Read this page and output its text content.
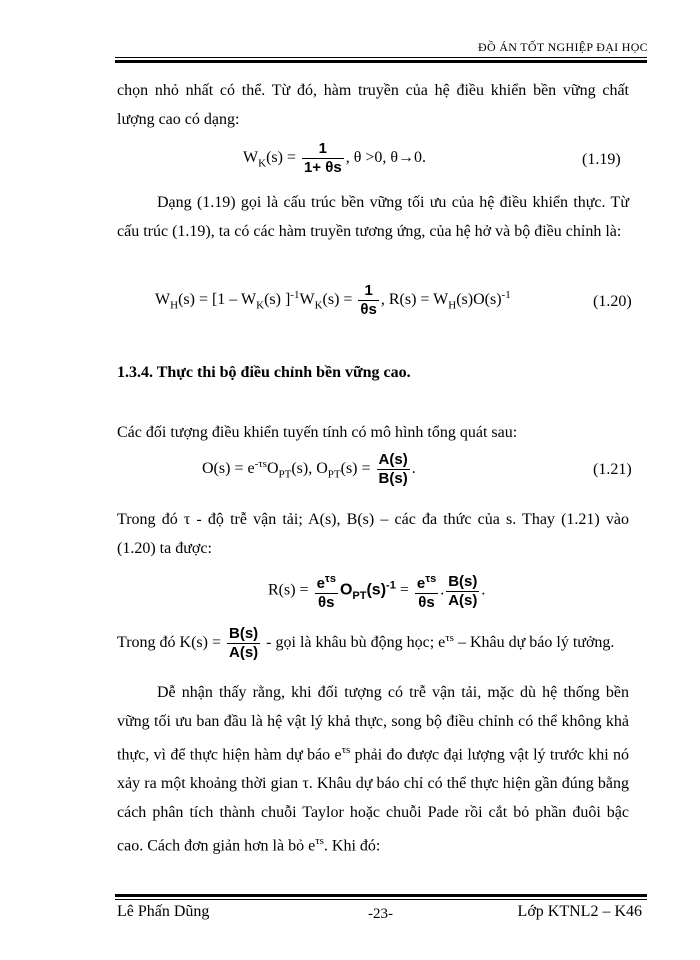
ĐỒ ÁN TỐT NGHIỆP ĐẠI HỌC

chọn nhỏ nhất có thể. Từ đó, hàm truyền của hệ điều khiển bền vững chất lượng cao có dạng:

$W_K(s) = \frac{1}{1+ \theta s}$ , θ >0, θ→0.	(1.19)

Dạng (1.19) gọi là cấu trúc bền vững tối ưu của hệ điều khiển thực. Từ cấu trúc (1.19), ta có các hàm truyền tương ứng, của hệ hở và bộ điều chỉnh là:

$W_H(s) = [1 - W_K(s) ]^{-1}W_K(s) = \frac{1}{\theta s}$ , $R(s) = W_H(s)O(s)^{-1}$	(1.20)
1.3.4. Thực thi bộ điều chỉnh bền vững cao.

Các đối tượng điều khiển tuyến tính có mô hình tổng quát sau:

$O(s) = e^{-\tau s}O_{PT}(s)$, $O_{PT}(s) = \frac{A(s)}{B(s)}$ .	(1.21)

Trong đó τ - độ trễ vận tải; A(s), B(s) – các đa thức của s. Thay (1.21) vào (1.20) ta được:

$R(s) = \frac{e^{\tau s}}{\theta s} O_{PT}(s)^{-1} = \frac{e^{\tau s}}{\theta s}$ . $\frac{B(s)}{A(s)}$ .
Trong đó $K(s) = \frac{B(s)}{A(s)}$ - gọi là khâu bù động học; $e^{\tau s}$ – Khâu dự báo lý tưởng.

Dễ nhận thấy rằng, khi đối tượng có trễ vận tải, mặc dù hệ thống bền vững tối ưu ban đầu là hệ vật lý khả thực, song bộ điều chỉnh có thể không khả thực, vì để thực hiện hàm dự báo $e^{\tau s}$ phải đo được đại lượng vật lý trước khi nó xảy ra một khoảng thời gian τ. Khâu dự báo chỉ có thể thực hiện gần đúng bằng cách phân tích thành chuỗi Taylor hoặc chuỗi Pade rồi cắt bỏ phần đuôi bậc cao. Cách đơn giản hơn là bỏ $e^{\tau s}$. Khi đó:

Lê Phấn Dũng	-23-	Lớp KTNL2 – K46
